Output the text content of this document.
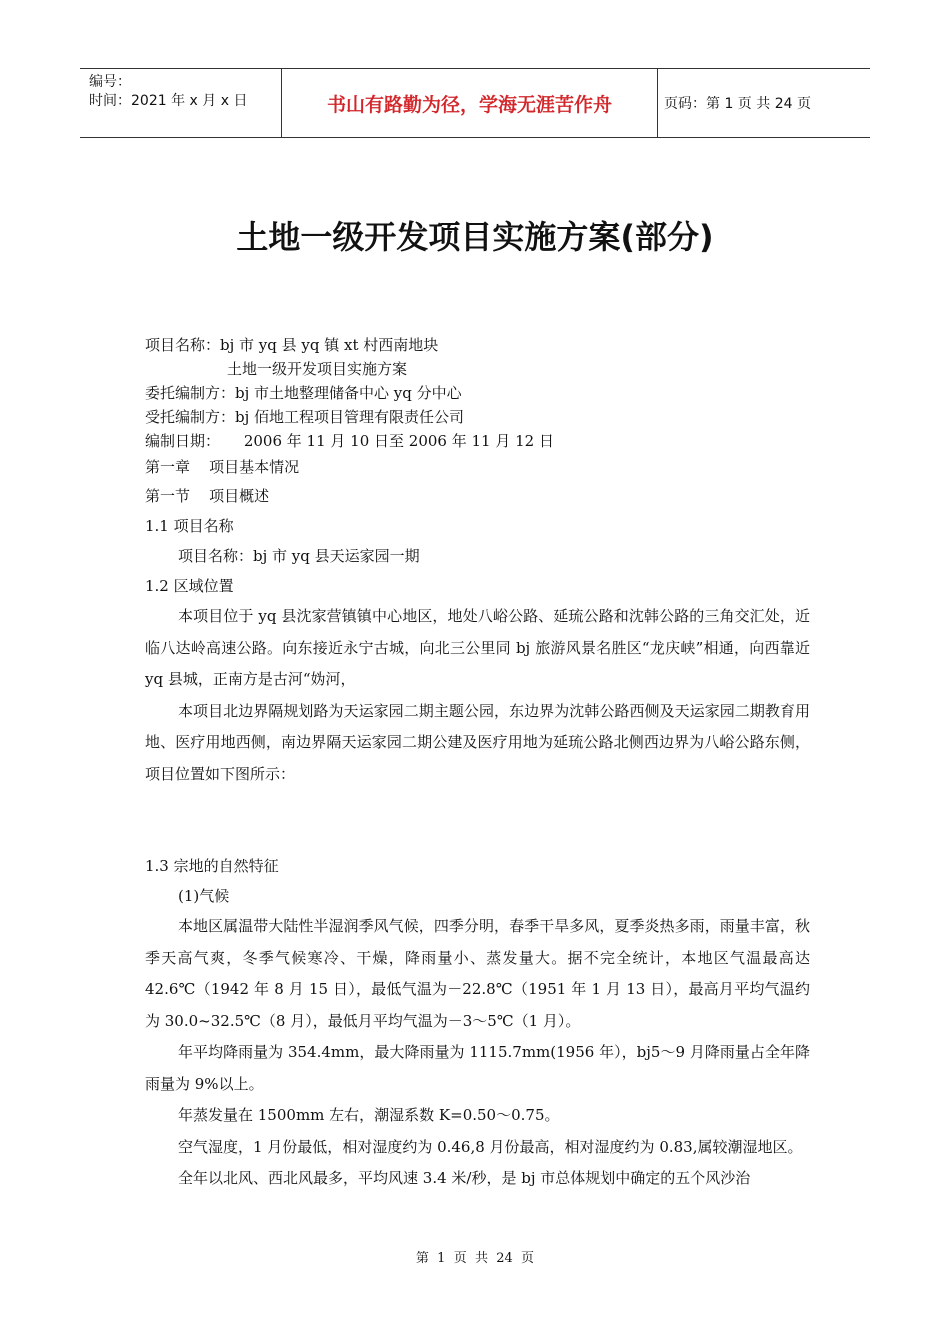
编号：
时间：2021 年 x 月 x 日	书山有路勤为径，学海无涯苦作舟	页码：第 1 页 共 24 页
土地一级开发项目实施方案(部分)
项目名称：bj 市 yq 县 yq 镇 xt 村西南地块
土地一级开发项目实施方案
委托编制方：bj 市土地整理储备中心 yq 分中心
受托编制方：bj 佰地工程项目管理有限责任公司
编制日期：     2006 年 11 月 10 日至 2006 年 11 月 12 日
第一章    项目基本情况
第一节    项目概述
1.1 项目名称
项目名称：bj 市 yq 县天运家园一期
1.2 区域位置
本项目位于 yq 县沈家营镇镇中心地区，地处八峪公路、延琉公路和沈韩公路的三角交汇处，近临八达岭高速公路。向东接近永宁古城，向北三公里同 bj 旅游风景名胜区“龙庆峡”相通，向西靠近 yq 县城，正南方是古河“妫河，
本项目北边界隔规划路为天运家园二期主题公园，东边界为沈韩公路西侧及天运家园二期教育用地、医疗用地西侧，南边界隔天运家园二期公建及医疗用地为延琉公路北侧西边界为八峪公路东侧，项目位置如下图所示：
1.3 宗地的自然特征
(1)气候
本地区属温带大陆性半湿润季风气候，四季分明，春季干旱多风，夏季炎热多雨，雨量丰富，秋季天高气爽，冬季气候寒冷、干燥，降雨量小、蒸发量大。据不完全统计，本地区气温最高达 42.6℃（1942 年 8 月 15 日），最低气温为－22.8℃（1951 年 1 月 13 日），最高月平均气温约为 30.0~32.5℃（8 月），最低月平均气温为－3～5℃（1 月）。
年平均降雨量为 354.4mm，最大降雨量为 1115.7mm(1956 年），bj5～9 月降雨量占全年降雨量为 9%以上。
年蒸发量在 1500mm 左右，潮湿系数 K=0.50～0.75。
空气湿度，1 月份最低，相对湿度约为 0.46,8 月份最高，相对湿度约为 0.83,属较潮湿地区。
全年以北风、西北风最多，平均风速 3.4 米/秒，是 bj 市总体规划中确定的五个风沙治
第  1  页  共  24  页
